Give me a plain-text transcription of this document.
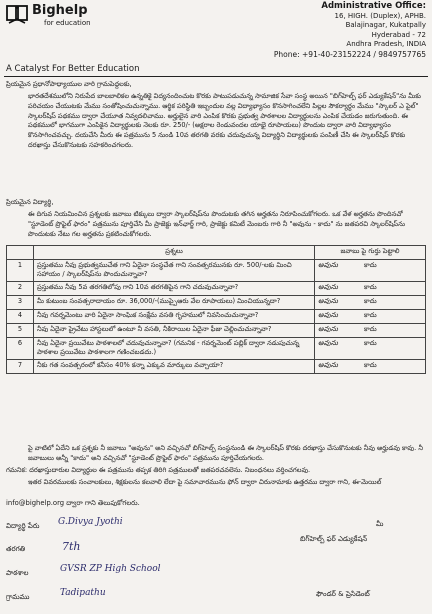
Bighelp
for education
A Catalyst For Better Education
Administrative Office:
16, HIGH. (Duplex), APHB.
Balajinagar, Kukatpally
Hyderabad - 72
Andhra Pradesh, INDIA
Phone: +91-40-23152224 / 9849757765
ప్రియమైన ప్రధానోపాధ్యాయుల వారి గ్రామపెద్దలకు,
భారతదేశములోని నిరుపేద బాలబాలికల ఉన్నతికై విద్యనందించుట కొరకు పాటుపడుచున్న సామాజిక సేవా సంస్థ అయిన "బిగ్‌హెల్ప్ ఫర్ ఎడ్యుకేషన్"ను మీకు పరిచయం చేయుటకు మేము సంతోషించుచున్నాము. ఆర్థిక పరిస్థితి ఇబ్బందుల వల్ల విద్యాభ్యాసం కొనసాగించలేని పిల్లల సౌకర్యార్థం మేము "స్కాలర్ ఎ పైల్" స్కాలర్‌షిప్ పథకము ద్వారా చేయూత నివ్వదలిచాము. అర్హులైన వారి ఎంపిక కొరకు ప్రభుత్వ పాఠశాలల విద్యార్థులను ఎంపిక చేయడం జరుగుతుంది. ఈ పథకములో భాగముగా ఎంపికైన విద్యార్థులకు నెలకు రూ. 250/- (అక్షరాల రెండువందల యాభై రూపాయలు) పొందుట ద్వారా వారి విద్యాభ్యాసం కొనసాగించవచ్చు. దయచేసి మీరు ఈ పత్రమును 5 నుండి 10వ తరగతి వరకు చదువుచున్న విద్యార్థిని విద్యార్థులకు పంపిణీ చేసి ఈ స్కాలర్‌షిప్ కొరకు దరఖాస్తు చేసుకొనుటకు సహకరించగలరు.
ప్రియమైన విద్యార్థి,
ఈ దిగువ నియమించిన ప్రశ్నలకు జవాబు టిక్కులు ద్వారా స్కాలర్‌షిప్‌ను పొందుటకు తగిన అర్హతను నిరూపించుకోగలరు. ఒక వేళ అర్హతను పొందినచో "స్టూడెంట్ ప్రొఫైల్ ఫారం" పత్రమును పూర్తిచేసి మీ ప్రాజెక్టు ఇన్‌ఛార్జ్ గారి, ప్రాజెక్టు కమిటీ మెంబరు గారి నీ "అవును - కాదు" ను జతపరచి స్కాలర్‌షిప్‌ను పొందుటకు నేటు గల అర్హతను ప్రకటించుకోగలరు.
	ప్రశ్నలు	జవాబు పై గుర్తు పెట్టాలి
1	ప్రస్తుతము నీవు ప్రభుత్వముచేత గాని ఏదైనా సంస్థచేత గాని సంవత్సరమునకు రూ. 500/-లకు మించి సహాయం / స్కాలర్‌షిప్‌ను పొందుచున్నావా?	అవును కాదు
2	ప్రస్తుతము నీవు 5వ తరగతిలోపు గాని 10వ తరగతిపైన గాని చదువుచున్నావా?	అవును కాదు
3	మీ కుటుంబ సంవత్సరాదాయం రూ. 36,000/-(ముప్పైఆరు వేల రూపాయలు) మించియున్నదా?	అవును కాదు
4	నీవు గవర్నమెంటు వారి ఏదైనా సాంఘిక సంక్షేమ వసతి గృహములో నివసించుచున్నావా?	అవును కాదు
5	నీవు ఏదైనా ప్రైవేటు హాస్టలులో ఉంటూ నీ వసతి, నీకిరాయిల ఏదైనా ఫీజు చెల్లించుచున్నావా?	అవును కాదు
6	నీవు ఏదైనా ప్రయివేటు పాఠశాలలో చదువుచున్నావా? (గమనిక - గవర్నమెంట్ పబ్లిక్ ద్వారా నడుపుచున్న పాఠశాల ప్రయివేటు పాఠశాలగా గణించబడదు.)	అవును కాదు
7	నీకు గత సంవత్సరంలో కనీసం 40% కన్నా ఎక్కువ మార్కులు వచ్చాయా?	అవును కాదు
పై వాటిలో ఏదేని ఒక ప్రశ్నకు నీ జవాబు "అవును" అని వచ్చినచో బిగ్‌హెల్ప్ సంస్థనుండి ఈ స్కాలర్‌షిప్ కొరకు దరఖాస్తు చేసుకొనుటకు నీవు అర్హుడవు కావు. నీ జవాబులు అన్నీ "కాదు" అని వచ్చినచో "స్టూడెంట్ ప్రొఫైల్ ఫారం" పత్రమును పూర్తిచేయగలరు.
గమనిక: దరఖాస్తుదారుల విద్యార్థుల ఈ పత్రమును తప్పక తిరిగి పత్రములతో జతపరచవలెను. నిబంధనలు వర్తించగలవు.
ఇతర వివరములకు సంచాలకులు, శిక్షకులను కలవాలి లేదా పై సమాచారమును ఫోన్ ద్వారా చిరునామాకు ఉత్తరము ద్వారా గాని, ఈ-మెయిల్
info@bighelp.org ద్వారా గాని తెలుపుకోగలరు.
విద్యార్థి పేరు G.Divya Jyothi
తరగతి	7th
పాఠశాల	GVSR ZP High School
గ్రామము	Tadipathu
మీ
బిగ్‌హెల్ప్ ఫర్ ఎడ్యుకేషన్
ఫౌండర్ & ప్రెసిడెంట్
